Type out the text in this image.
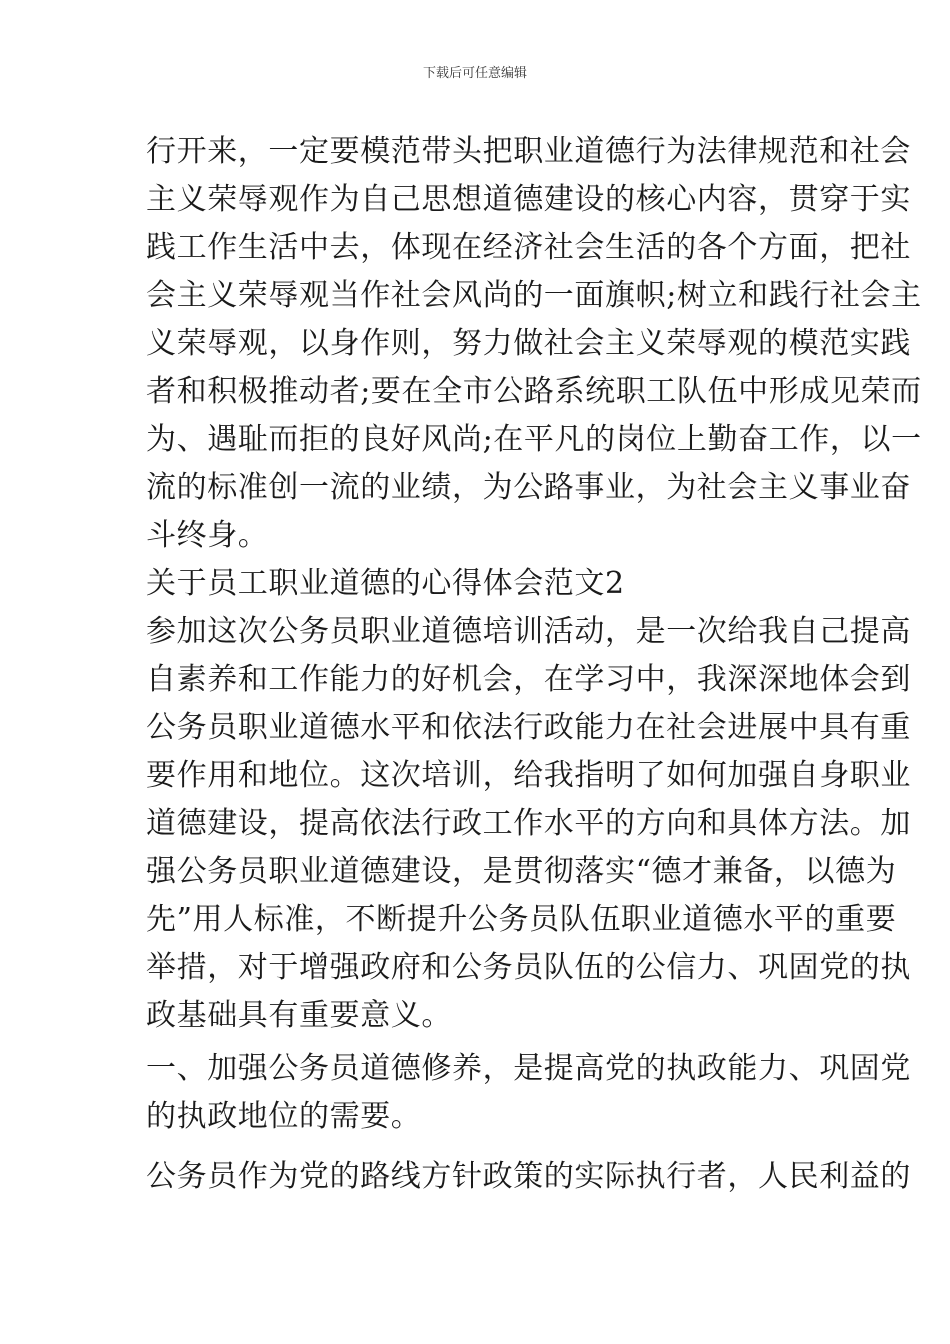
下载后可任意编辑
行开来，一定要模范带头把职业道德行为法律规范和社会
主义荣辱观作为自己思想道德建设的核心内容，贯穿于实
践工作生活中去，体现在经济社会生活的各个方面，把社
会主义荣辱观当作社会风尚的一面旗帜;树立和践行社会主
义荣辱观，以身作则，努力做社会主义荣辱观的模范实践
者和积极推动者;要在全市公路系统职工队伍中形成见荣而
为、遇耻而拒的良好风尚;在平凡的岗位上勤奋工作，以一
流的标准创一流的业绩，为公路事业，为社会主义事业奋
斗终身。
关于员工职业道德的心得体会范文2
参加这次公务员职业道德培训活动，是一次给我自己提高
自素养和工作能力的好机会，在学习中，我深深地体会到
公务员职业道德水平和依法行政能力在社会进展中具有重
要作用和地位。这次培训，给我指明了如何加强自身职业
道德建设，提高依法行政工作水平的方向和具体方法。加
强公务员职业道德建设，是贯彻落实“德才兼备，以德为
先”用人标准，不断提升公务员队伍职业道德水平的重要
举措，对于增强政府和公务员队伍的公信力、巩固党的执
政基础具有重要意义。
一、加强公务员道德修养，是提高党的执政能力、巩固党
的执政地位的需要。
公务员作为党的路线方针政策的实际执行者，人民利益的
